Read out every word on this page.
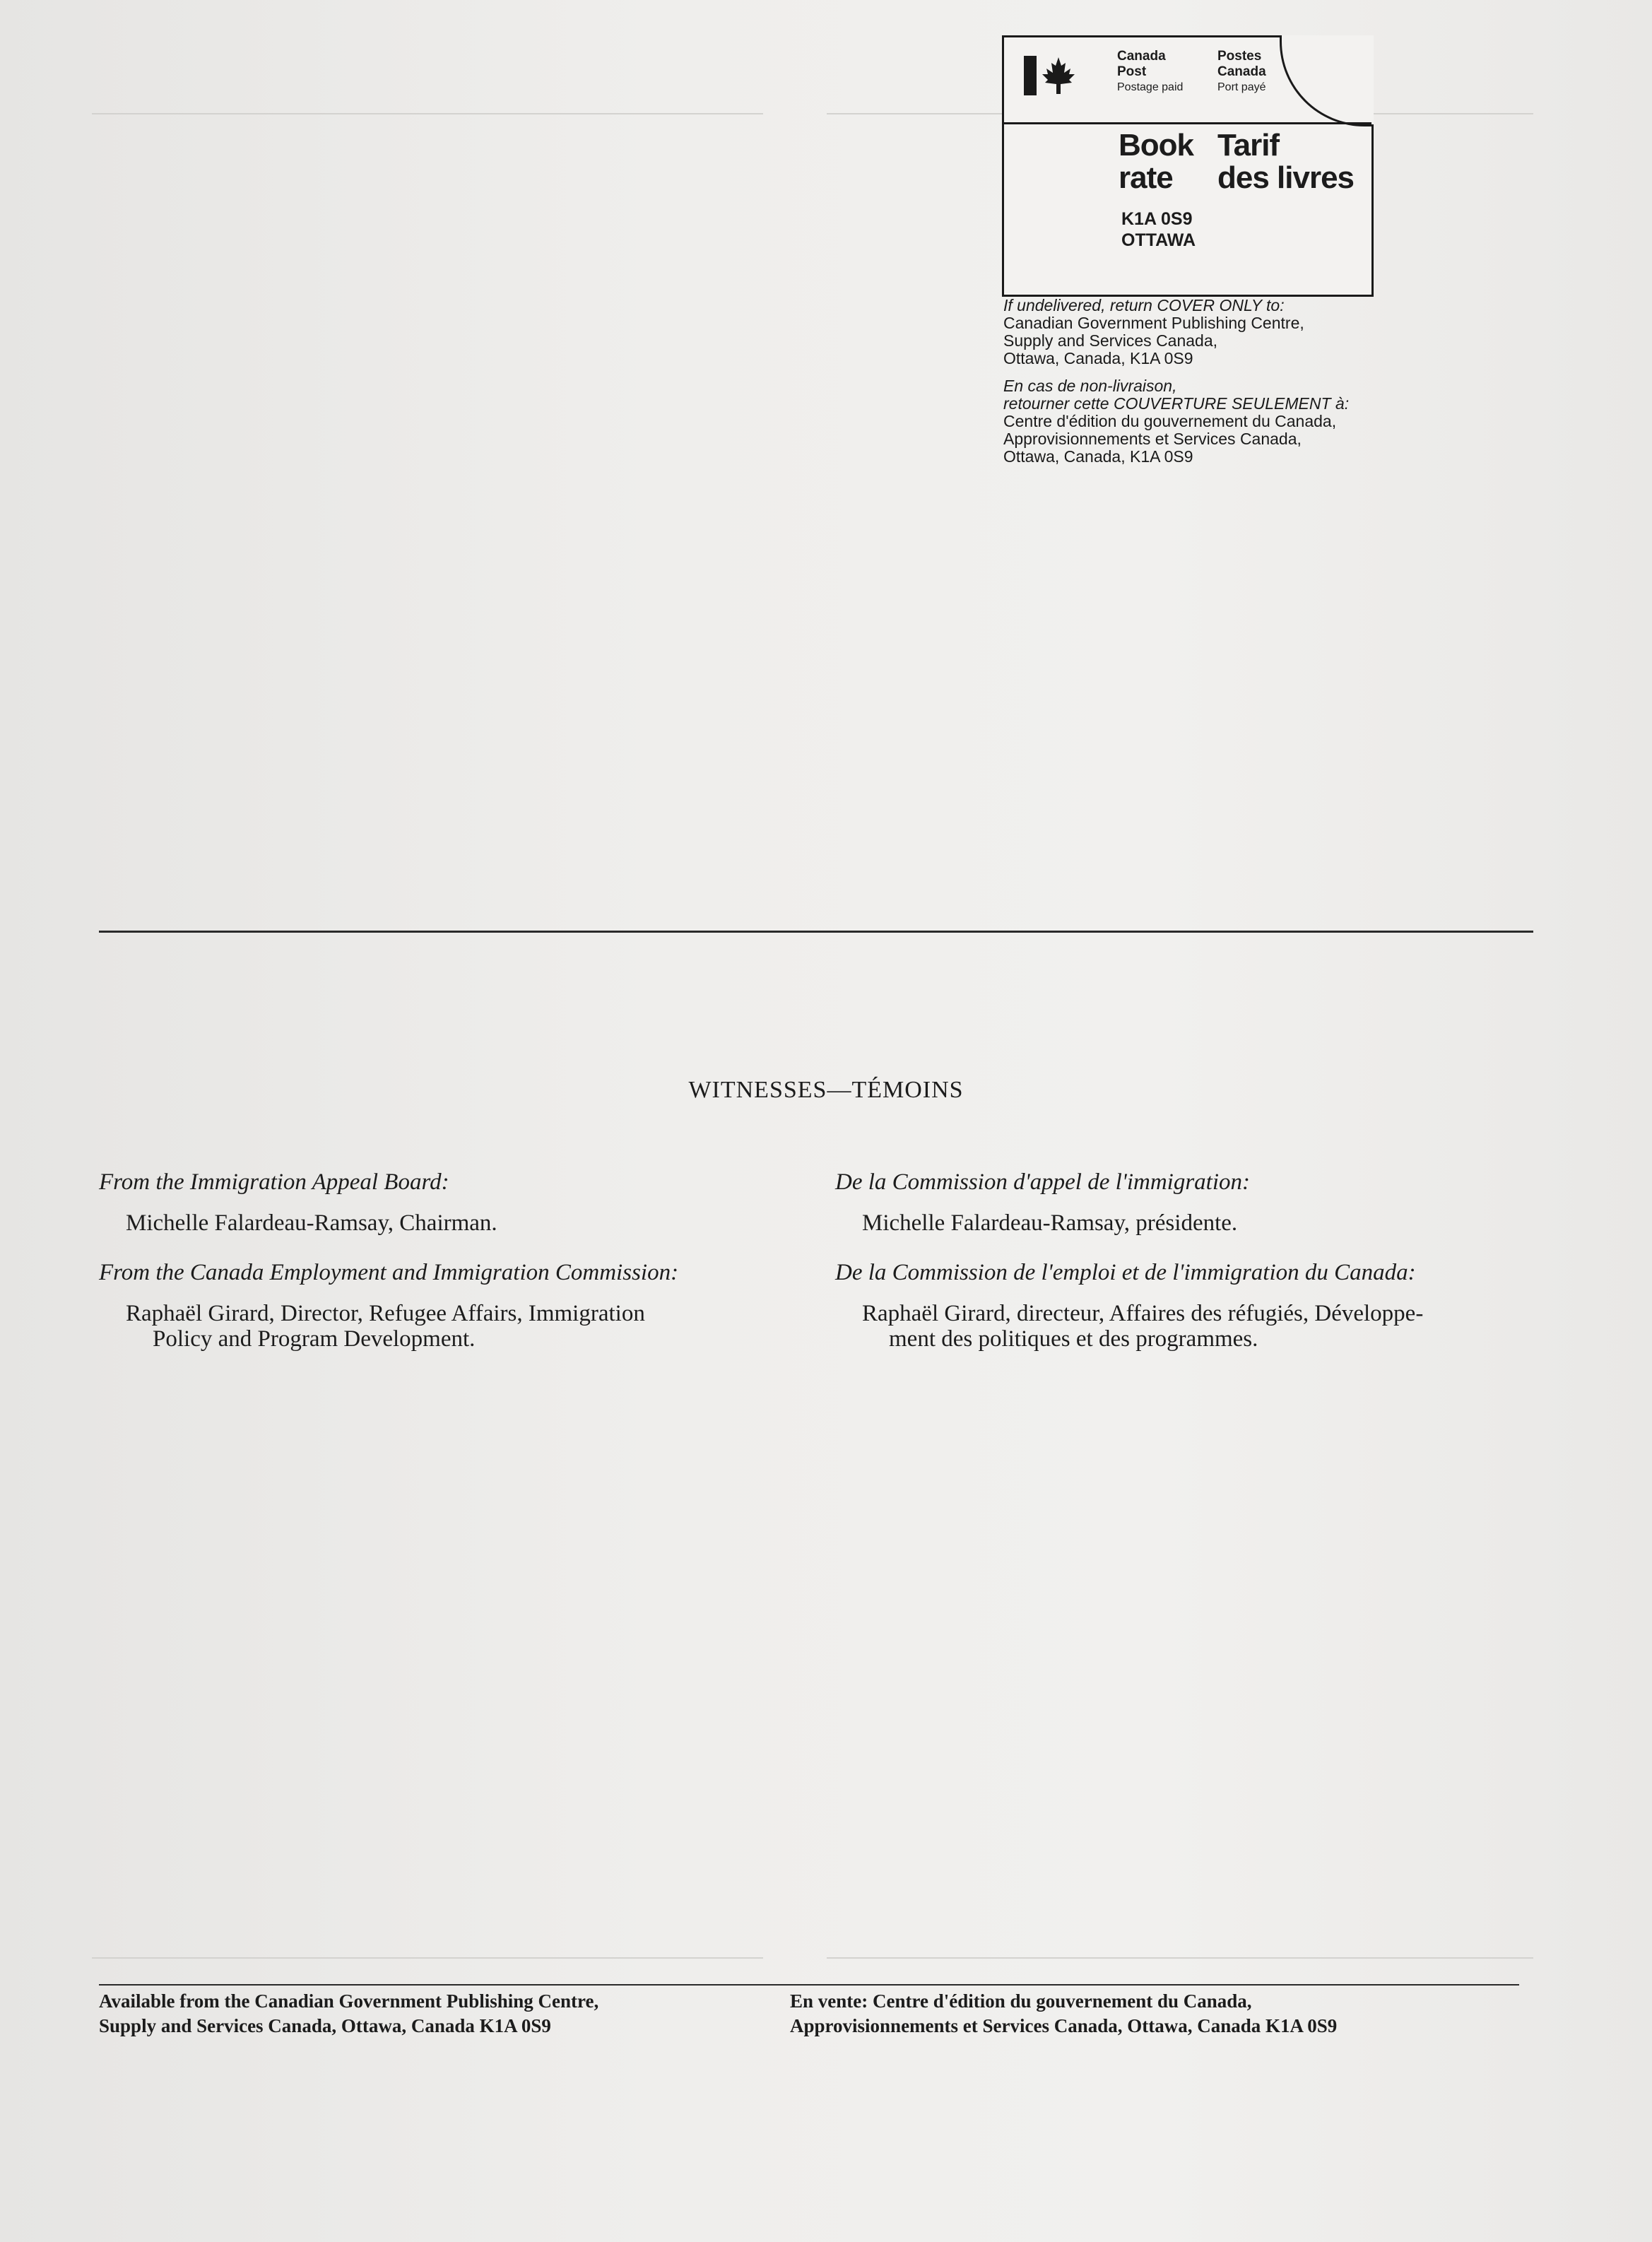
Canada
Post
Postage paid
Postes
Canada
Port payé
Book
rate
Tarif
des livres
K1A 0S9
OTTAWA
If undelivered, return COVER ONLY to:
Canadian Government Publishing Centre,
Supply and Services Canada,
Ottawa, Canada, K1A 0S9
En cas de non-livraison,
retourner cette COUVERTURE SEULEMENT à:
Centre d'édition du gouvernement du Canada,
Approvisionnements et Services Canada,
Ottawa, Canada, K1A 0S9
WITNESSES—TÉMOINS
From the Immigration Appeal Board:
Michelle Falardeau-Ramsay, Chairman.
From the Canada Employment and Immigration Commission:
Raphaël Girard, Director, Refugee Affairs, Immigration
Policy and Program Development.
De la Commission d'appel de l'immigration:
Michelle Falardeau-Ramsay, présidente.
De la Commission de l'emploi et de l'immigration du Canada:
Raphaël Girard, directeur, Affaires des réfugiés, Développe-
ment des politiques et des programmes.
Available from the Canadian Government Publishing Centre,
Supply and Services Canada, Ottawa, Canada K1A 0S9
En vente: Centre d'édition du gouvernement du Canada,
Approvisionnements et Services Canada, Ottawa, Canada K1A 0S9
